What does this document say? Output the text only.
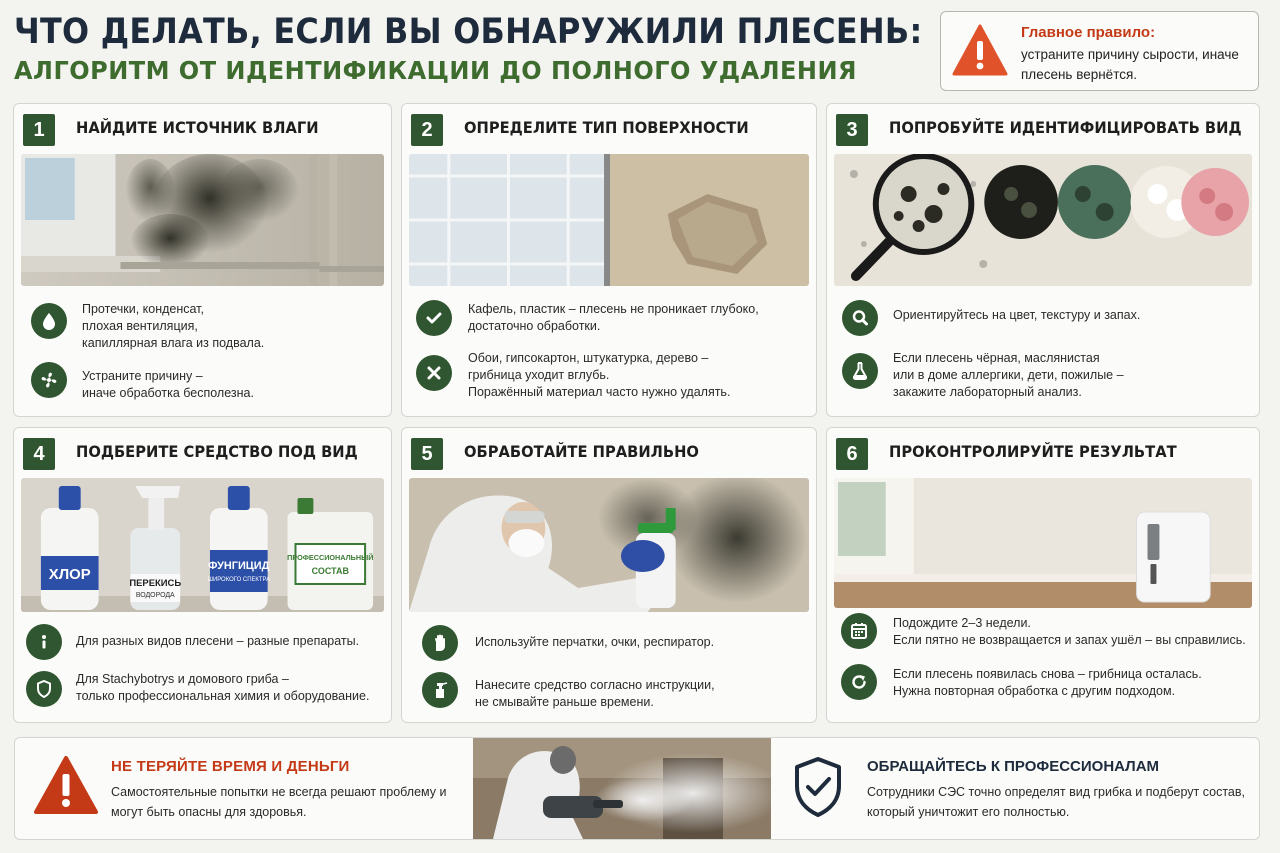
ЧТО ДЕЛАТЬ, ЕСЛИ ВЫ ОБНАРУЖИЛИ ПЛЕСЕНЬ:
АЛГОРИТМ ОТ ИДЕНТИФИКАЦИИ ДО ПОЛНОГО УДАЛЕНИЯ
Главное правило:
устраните причину сырости, иначе плесень вернётся.
1	НАЙДИТЕ ИСТОЧНИК ВЛАГИ
Протечки, конденсат,
плохая вентиляция,
капиллярная влага из подвала.
Устраните причину –
иначе обработка бесполезна.
2	ОПРЕДЕЛИТЕ ТИП ПОВЕРХНОСТИ
Кафель, пластик – плесень не проникает глубоко,
достаточно обработки.
Обои, гипсокартон, штукатурка, дерево –
грибница уходит вглубь.
Поражённый материал часто нужно удалять.
3	ПОПРОБУЙТЕ ИДЕНТИФИЦИРОВАТЬ ВИД
Ориентируйтесь на цвет, текстуру и запах.
Если плесень чёрная, маслянистая
или в доме аллергики, дети, пожилые –
закажите лабораторный анализ.
4	ПОДБЕРИТЕ СРЕДСТВО ПОД ВИД
ХЛОР
ПЕРЕКИСЬ
ВОДОРОДА
ФУНГИЦИД
ШИРОКОГО СПЕКТРА
ПРОФЕССИОНАЛЬНЫЙ
СОСТАВ
Для разных видов плесени – разные препараты.
Для Stachybotrys и домового гриба –
только профессиональная химия и оборудование.
5	ОБРАБОТАЙТЕ ПРАВИЛЬНО
Используйте перчатки, очки, респиратор.
Нанесите средство согласно инструкции,
не смывайте раньше времени.
6	ПРОКОНТРОЛИРУЙТЕ РЕЗУЛЬТАТ
Подождите 2–3 недели.
Если пятно не возвращается и запах ушёл – вы справились.
Если плесень появилась снова – грибница осталась.
Нужна повторная обработка с другим подходом.
НЕ ТЕРЯЙТЕ ВРЕМЯ И ДЕНЬГИ
Самостоятельные попытки не всегда решают проблему и могут быть опасны для здоровья.
ОБРАЩАЙТЕСЬ К ПРОФЕССИОНАЛАМ
Сотрудники СЭС точно определят вид грибка и подберут состав, который уничтожит его полностью.
